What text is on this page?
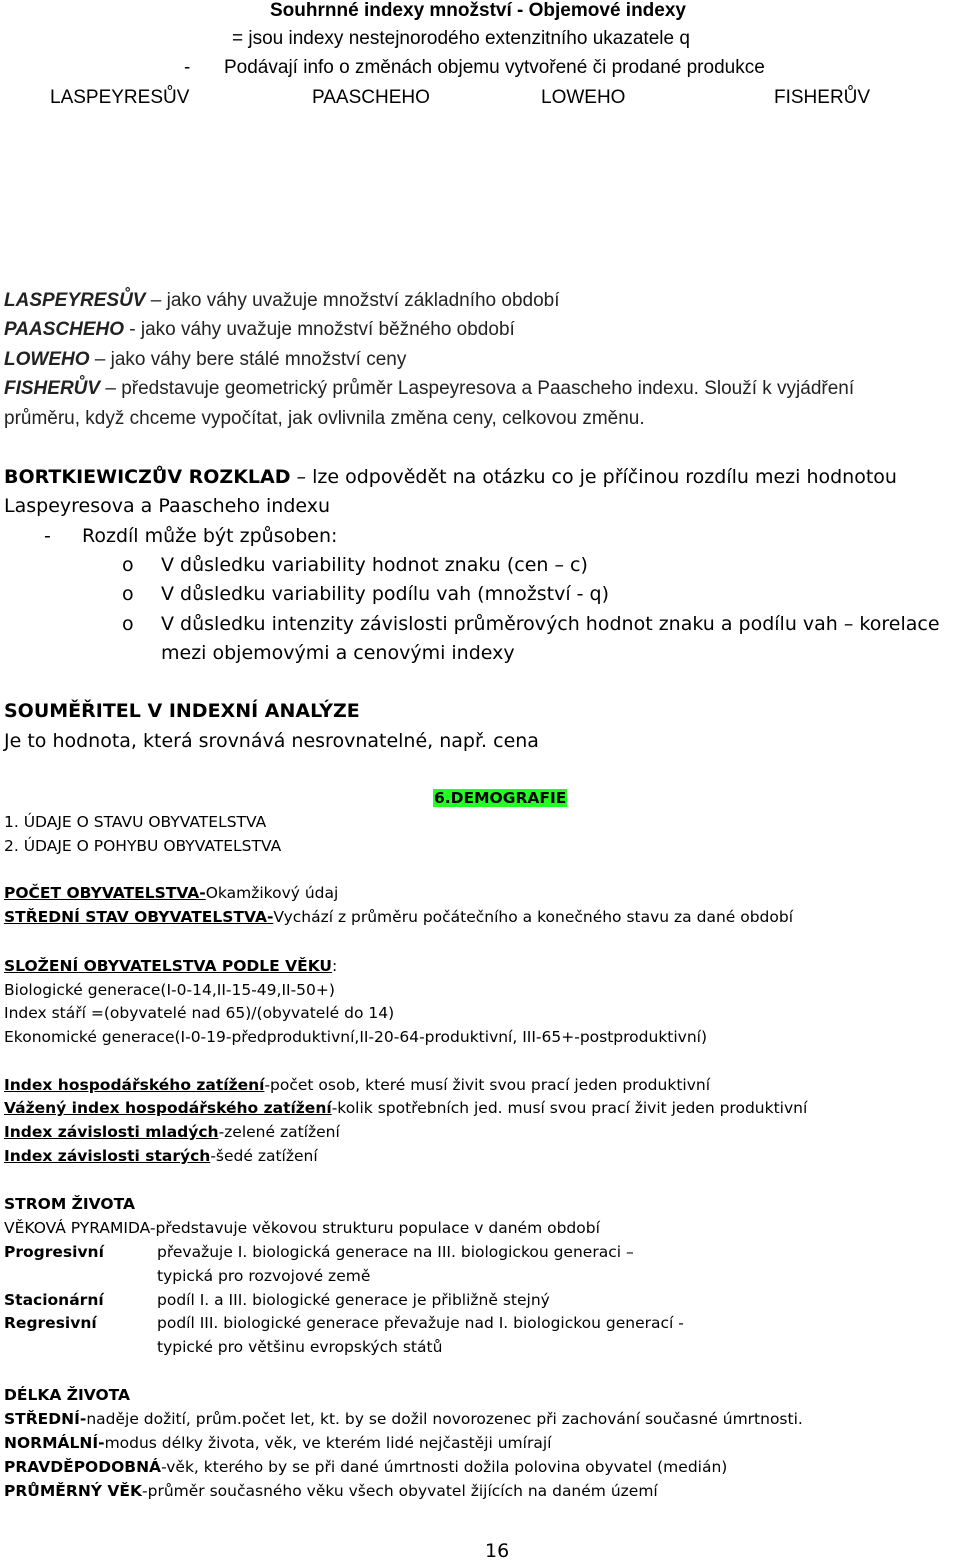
Souhrnné indexy množství - Objemové indexy
= jsou indexy nestejnorodého extenzitního ukazatele q
- Podávají info o změnách objemu vytvořené či prodané produkce
LASPEYRESŮV	PAASCHEHO	LOWEHO	FISHERŮV
LASPEYRESŮV – jako váhy uvažuje množství základního období
PAASCHEHO - jako váhy uvažuje množství běžného období
LOWEHO – jako váhy bere stálé množství ceny
FISHERŮV – představuje geometrický průměr Laspeyresova a Paascheho indexu. Slouží k vyjádření
průměru, když chceme vypočítat, jak ovlivnila změna ceny, celkovou změnu.
BORTKIEWICZŮV ROZKLAD – lze odpovědět na otázku co je příčinou rozdílu mezi hodnotou
Laspeyresova a Paascheho indexu
- Rozdíl může být způsoben:
o V důsledku variability hodnot znaku (cen – c)
o V důsledku variability podílu vah (množství - q)
o V důsledku intenzity závislosti průměrových hodnot znaku a podílu vah – korelace
mezi objemovými a cenovými indexy
SOUMĚŘITEL V INDEXNÍ ANALÝZE
Je to hodnota, která srovnává nesrovnatelné, např. cena
6.DEMOGRAFIE
1. ÚDAJE O STAVU OBYVATELSTVA
2. ÚDAJE O POHYBU OBYVATELSTVA
POČET OBYVATELSTVA-Okamžikový údaj
STŘEDNÍ STAV OBYVATELSTVA-Vychází z průměru počátečního a konečného stavu za dané období
SLOŽENÍ OBYVATELSTVA PODLE VĚKU:
Biologické generace(I-0-14,II-15-49,II-50+)
Index stáří =(obyvatelé nad 65)/(obyvatelé do 14)
Ekonomické generace(I-0-19-předproduktivní,II-20-64-produktivní, III-65+-postproduktivní)
Index hospodářského zatížení-počet osob, které musí živit svou prací jeden produktivní
Vážený index hospodářského zatížení-kolik spotřebních jed. musí svou prací živit jeden produktivní
Index závislosti mladých-zelené zatížení
Index závislosti starých-šedé zatížení
STROM ŽIVOTA
VĚKOVÁ PYRAMIDA-představuje věkovou strukturu populace v daném období
Progresivní	převažuje I. biologická generace na III. biologickou generaci –
typická pro rozvojové země
Stacionární	podíl I. a III. biologické generace je přibližně stejný
Regresivní	podíl III. biologické generace převažuje nad I. biologickou generací -
typické pro většinu evropských států
DÉLKA ŽIVOTA
STŘEDNÍ-naděje dožití, prům.počet let, kt. by se dožil novorozenec při zachování současné úmrtnosti.
NORMÁLNÍ-modus délky života, věk, ve kterém lidé nejčastěji umírají
PRAVDĚPODOBNÁ-věk, kterého by se při dané úmrtnosti dožila polovina obyvatel (medián)
PRŮMĚRNÝ VĚK-průměr současného věku všech obyvatel žijících na daném území
16
